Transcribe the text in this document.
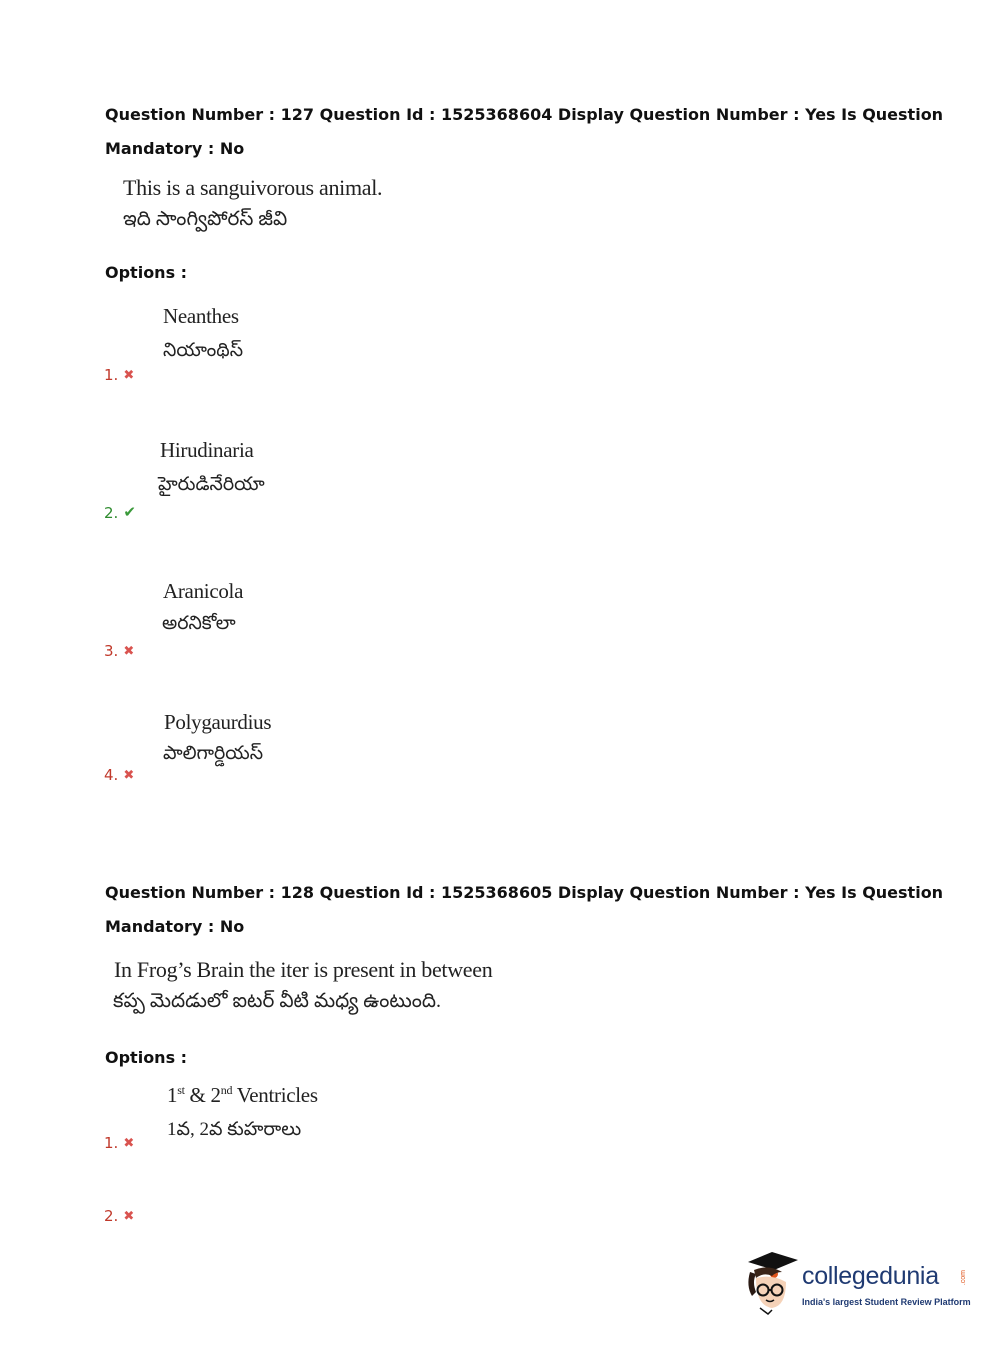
Question Number : 127 Question Id : 1525368604 Display Question Number : Yes Is Question
Mandatory : No
This is a sanguivorous animal.
ఇది సాంగ్విపోరస్ జీవి
Options :
Neanthes
నియాంథిస్
1. ✖
Hirudinaria
హైరుడినేరియా
2. ✔
Aranicola
అరనికోలా
3. ✖
Polygaurdius
పాలిగార్డియస్
4. ✖
Question Number : 128 Question Id : 1525368605 Display Question Number : Yes Is Question
Mandatory : No
In Frog’s Brain the iter is present in between
కప్ప మెదడులో ఐటర్ వీటి మధ్య ఉంటుంది.
Options :
1st & 2nd Ventricles
1వ, 2వ కుహరాలు
1. ✖
2. ✖
collegedunia	.com
India's largest Student Review Platform
